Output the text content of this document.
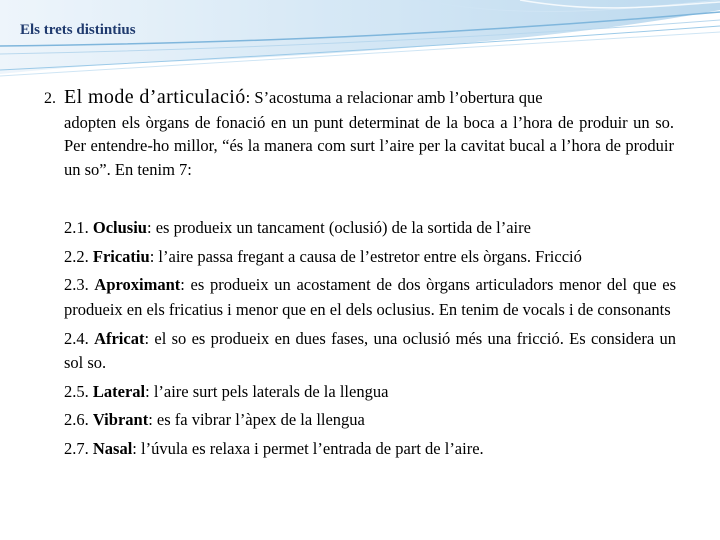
Els trets distintius
2. El mode d’articulació: S’acostuma a relacionar amb l’obertura que
adopten els òrgans de fonació en un punt determinat de la boca a l’hora de produir un so. Per entendre-ho millor, “és la manera com surt l’aire per la cavitat bucal a l’hora de produir un so”. En tenim 7:
2.1. Oclusiu: es produeix un tancament (oclusió) de la sortida de l’aire
2.2. Fricatiu: l’aire passa fregant a causa de l’estretor entre els òrgans. Fricció
2.3. Aproximant: es produeix un acostament de dos òrgans articuladors menor del que es produeix en els fricatius i menor que en el dels oclusius. En tenim de vocals i de consonants
2.4. Africat: el so es produeix en dues fases, una oclusió més una fricció. Es considera un sol so.
2.5. Lateral: l’aire surt pels laterals de la llengua
2.6. Vibrant: es fa vibrar l’àpex de la llengua
2.7. Nasal: l’úvula es relaxa i permet l’entrada de part de l’aire.
